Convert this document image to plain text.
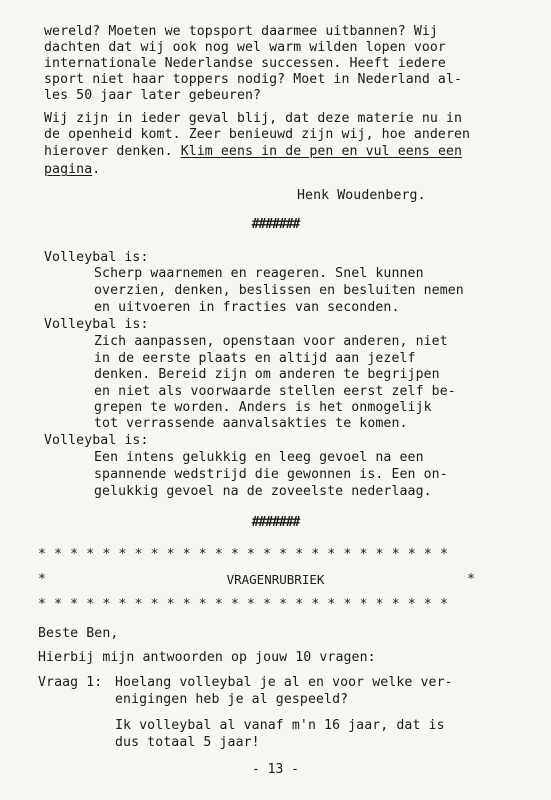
wereld? Moeten we topsport daarmee uitbannen? Wij
dachten dat wij ook nog wel warm wilden lopen voor
internationale Nederlandse successen. Heeft iedere
sport niet haar toppers nodig? Moet in Nederland al-
les 50 jaar later gebeuren?
Wij zijn in ieder geval blij, dat deze materie nu in
de openheid komt. Zeer benieuwd zijn wij, hoe anderen
hierover denken. Klim eens in de pen en vul eens een
pagina.
Henk Woudenberg.
#######
Volleybal is:
Scherp waarnemen en reageren. Snel kunnen
overzien, denken, beslissen en besluiten nemen
en uitvoeren in fracties van seconden.
Volleybal is:
Zich aanpassen, openstaan voor anderen, niet
in de eerste plaats en altijd aan jezelf
denken. Bereid zijn om anderen te begrijpen
en niet als voorwaarde stellen eerst zelf be-
grepen te worden. Anders is het onmogelijk
tot verrassende aanvalsakties te komen.
Volleybal is:
Een intens gelukkig en leeg gevoel na een
spannende wedstrijd die gewonnen is. Een on-
gelukkig gevoel na de zoveelste nederlaag.
#######
* * * * * * * * * * * * * * * * * * * * * * * * * *
*	VRAGENRUBRIEK	*
* * * * * * * * * * * * * * * * * * * * * * * * * *
Beste Ben,
Hierbij mijn antwoorden op jouw 10 vragen:
Vraag 1: Hoelang volleybal je al en voor welke ver-
enigingen heb je al gespeeld?
Ik volleybal al vanaf m'n 16 jaar, dat is
dus totaal 5 jaar!
- 13 -
